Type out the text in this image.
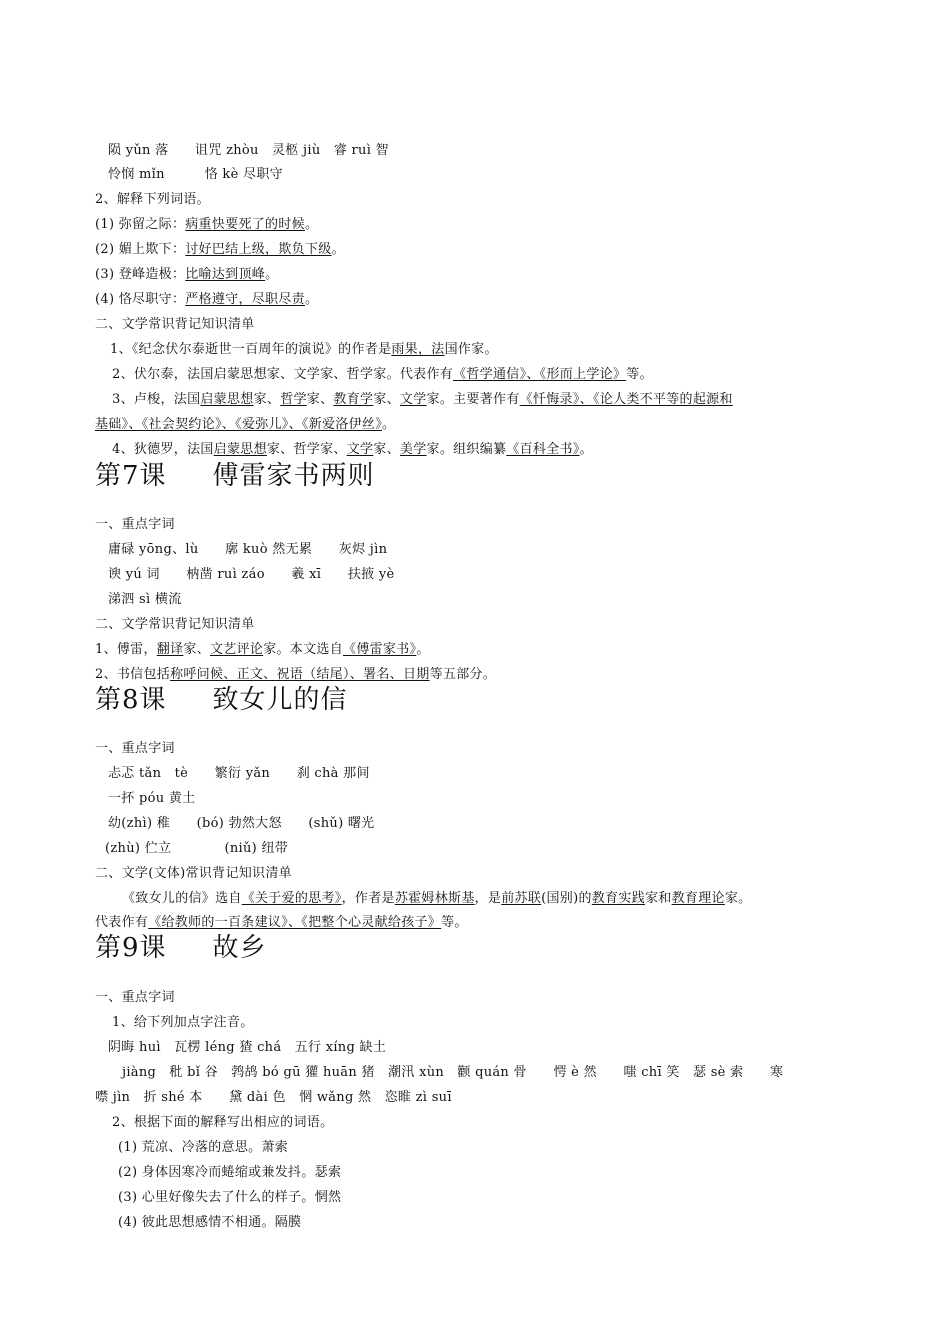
陨 yǔn 落　　诅咒 zhòu　灵柩 jiù　睿 ruì 智
怜悯 mǐn　　　恪 kè 尽职守
2、解释下列词语。
(1) 弥留之际：病重快要死了的时候。
(2) 媚上欺下：讨好巴结上级，欺负下级。
(3) 登峰造极：比喻达到顶峰。
(4) 恪尽职守：严格遵守，尽职尽责。
二、文学常识背记知识清单
1、《纪念伏尔泰逝世一百周年的演说》的作者是雨果，法国作家。
2、伏尔泰，法国启蒙思想家、文学家、哲学家。代表作有《哲学通信》、《形而上学论》等。
3、卢梭，法国启蒙思想家、哲学家、教育学家、文学家。主要著作有《忏悔录》、《论人类不平等的起源和
基础》、《社会契约论》、《爱弥儿》、《新爱洛伊丝》。
4、狄德罗，法国启蒙思想家、哲学家、文学家、美学家。组织编纂《百科全书》。
第7课 傅雷家书两则
一、重点字词
庸碌 yōng、lù　　廓 kuò 然无累　　灰烬 jìn
谀 yú 词　　枘凿 ruì záo　　羲 xī　　扶掖 yè
涕泗 sì 横流
二、文学常识背记知识清单
1、傅雷，翻译家、文艺评论家。本文选自《傅雷家书》。
2、书信包括称呼问候、正文、祝语（结尾）、署名、日期等五部分。
第8课 致女儿的信
一、重点字词
忐忑 tǎn　tè　　繁衍 yǎn　　刹 chà 那间
一抔 póu 黄土
幼(zhì) 稚　　(bó) 勃然大怒　　(shǔ) 曙光
(zhù) 伫立　　　　(niǔ) 纽带
二、文学(文体)常识背记知识清单
《致女儿的信》选自《关于爱的思考》，作者是苏霍姆林斯基，是前苏联(国别)的教育实践家和教育理论家。
代表作有《给教师的一百条建议》、《把整个心灵献给孩子》等。
第9课 故乡
一、重点字词
1、给下列加点字注音。
阴晦 huì　瓦楞 léng 猹 chá　五行 xíng 缺土
jiàng　秕 bǐ 谷　鹁鸪 bó gū 獾 huān 猪　潮汛 xùn　颧 quán 骨　　愕 è 然　　嗤 chī 笑　瑟 sè 索　　寒
噤 jìn　折 shé 本　　黛 dài 色　惘 wǎng 然　恣睢 zì suī
2、根据下面的解释写出相应的词语。
(1) 荒凉、冷落的意思。萧索
(2) 身体因寒冷而蜷缩或兼发抖。瑟索
(3) 心里好像失去了什么的样子。惘然
(4) 彼此思想感情不相通。隔膜
